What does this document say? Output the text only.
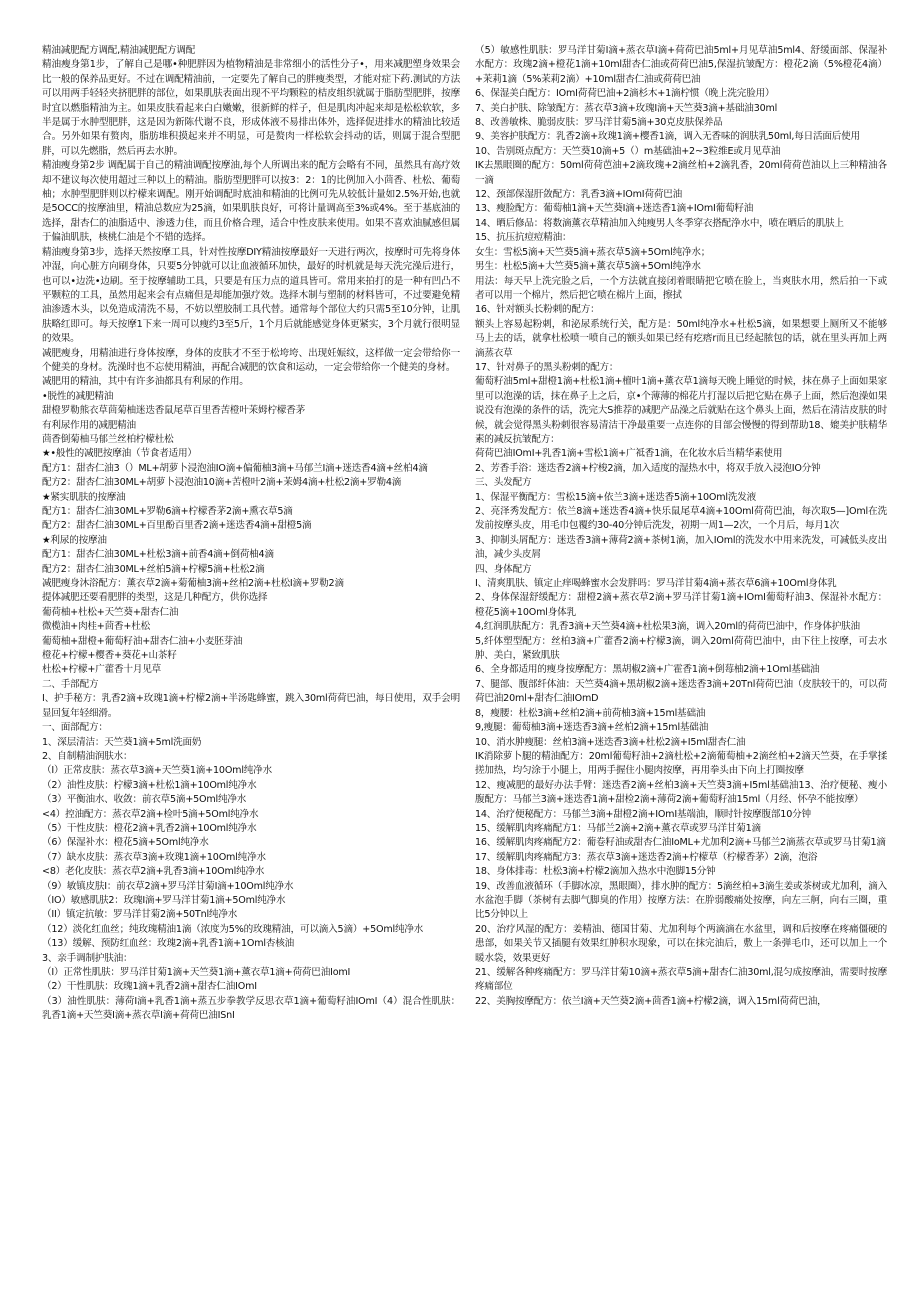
精油减肥配方调配,精油减肥配方调配

精油瘦身第1步，了解自己是哪•种肥胖因为植物精油是非常细小的活性分子•，用来减肥塑身效果会比一般的保养品更好。不过在调配精油前，一定要先了解自己的胖瘦类型，才能对症下药.测试的方法可以用两手轻轻夹挤肥胖的部位，如果肌肤表面出现不平均颗粒的桔皮组织就属于脂肪型肥胖，按摩时宜以燃脂精油为主。如果皮肤看起来白白嫩嫩，很新鲜的样子，但是肌肉冲起来却是松松软软，多半是属于水肿型肥胖，这是因为新陈代谢不良，形成体液不易排出体外，选择促进排水的精油比较适合。另外如果有赘肉，脂肪堆积摸起来并不明显，可是赘肉一样松软会抖动的话，则属于混合型肥胖，可以先燃脂，然后再去水肿。

精油瘦身第2步 调配属于自己的精油调配按摩油,每个人所调出来的配方会略有不同，虽然具有高疗效却不建议每次使用超过三种以上的精油。脂肪型肥胖可以按3：2：1的比例加入小茴香、杜松、葡萄柚；水肿型肥胖则以柠檬来调配。刚开始调配时底油和精油的比例可先从较低计量如2.5%开始,也就是5OCC的按摩油里，精油总数应为25滴，如果肌肤良好，可将计量调高至3%或4%。至于基底油的选择，甜杏仁的油脂适中、渗透力佳，而且价格合理，适合中性皮肤来使用。如果不喜欢油腻感但属于偏油肌肤，核桃仁油是个不错的选择。

精油瘦身第3步，选择天然按摩工具，针对性按摩DIY精油按摩最好一天进行两次，按摩时可先将身体冲湿，向心脏方向刷身体，只要5分钟就可以让血液循环加快，最好的时机就是每天洗完澡后进行，也可以•边洗•边刷。至于按摩辅助工具，只要是有压力点的道具皆可。常用来拍打的是一种有凹凸不平颗粒的工具，虽然用起来会有点痛但是却能加强疗效。选择木制与塑制的材料皆可，不过要避免精油渗透木头，以免造成清洗不易，不妨以塑胶制工具代替。通常每个部位大约只需5至10分钟，让肌肤略红即可。每天按摩1下来一周可以瘦约3至5斤，1个月后就能感觉身体更紧实，3个月就行很明显的效果。

减肥瘦身，用精油进行身体按摩，身体的皮肤才不至于松垮垮、出现妊娠纹，这样做一定会带给你一个健美的身材。洗澡时也不忘使用精油，再配合减肥的饮食和运动，一定会带给你一个健美的身材。

减肥用的精油，其中有许多油都具有利尿的作用。

•脱性的减肥精油

甜橙罗勒熊衣草茴菊柚迷迭香鼠尾草百里香苦橙叶茉姆柠檬香茅

有利尿作用的减肥精油

茴香倒菊柚马郁兰丝柏柠檬杜松

★•般性的减肥按摩油（节食者适用）

配方1：甜杏仁油3（）ML+胡萝卜浸泡油IO滴+偏葡柚3滴+马郁兰I滴+迷迭香4滴+丝柏4滴

配方2：甜杏仁油30ML+胡萝卜浸泡油10滴+苦橙叶2滴+茉姆4滴+杜松2滴+罗勒4滴

★紧实肌肤的按摩油

配方1：甜杏仁油30ML+罗勒6滴+柠檬香茅2滴+熏衣草5滴

配方2：甜杏仁油30ML+百里酚百里香2滴+迷迭香4滴+甜橙5滴

★利尿的按摩油

配方1：甜杏仁油30ML+杜松3滴+前香4滴+倒荷柚4滴

配方2：甜杏仁油30ML+丝柏5滴+柠檬5滴+杜松2滴

减肥瘦身沐浴配方：薰衣草2滴+菊葡柚3滴+丝柏2滴+杜松I滴+罗勒2滴

提体减肥还要看肥胖的类型，这是几种配方，供你选择

葡荷柚+杜松+天竺葵+甜杏仁油

微榄油+肉桂+茴香+杜松

葡萄柚+甜橙+葡萄籽油+甜杏仁油+小麦胚芽油

橙花+柠檬+樱香+葵花+山茶籽

杜松+柠檬+广藿香十月见草

二、手部配方

I、护手秘方：乳香2滴+玫瑰1滴+柠檬2滴+半汤匙蜂蜜，跳入30ml荷荷巴油，每日使用，双手会明显回复年轻细滑。

一、面部配方：

1、深层清洁：天竺葵1滴+5ml洗面奶

2、自制精油润肤水：

（I）正常皮肤：蒸衣草3滴+天竺葵1滴+10Oml纯净水

（2）油性皮肤：柠檬3滴+杜松1滴+10Oml纯净水

（3）平衡油水、收敛：前衣草5滴+5Oml纯净水

<4）控油配方：蒸衣草2滴+检叶5滴+5Oml纯净水

（5）干性皮肤：橙花2滴+乳香2滴+10Oml纯净水

（6）保湿补水：橙花5滴+5Oml纯净水

（7）缺水皮肤：蒸衣草3滴+玫瑰1滴+10Oml纯净水

<8）老化皮肤：蒸衣草2滴+乳香3滴+10Oml纯净水

（9）敏镇皮肤I：前衣草2滴+罗马洋甘菊I滴+10Oml纯净水

（IO）敏感肌肤2：玫瑰I滴+罗马洋甘菊1滴+5Oml纯净水

（II）镇定抗敏：罗马洋甘菊2滴+50Tnl纯净水

（12）淡化红血丝；纯玫瑰精油1滴（浓度为5%的玫瑰精油，可以滴入5滴）+5Oml纯净水

（13）缓解、预防红血丝：玫瑰2滴+乳香1滴+1Oml杏核油

3、亲手调制护肤油：

（I）正常性肌肤：罗马洋甘菊1滴+天竺葵1滴+薰衣草1滴+荷荷巴油IomI

（2）干性肌肤：玫瑰1滴+乳香2滴+甜杏仁油IOmI

（3）油性肌肤：薄荷I滴+乳香1滴+蒸五步拳教学反思衣草1滴+葡萄籽油IOmI（4）混合性肌肤：乳香1滴+天竺葵I滴+蒸衣草I滴+荷荷巴油ISnI

（5）敏感性肌肤：罗马洋甘菊I滴+蒸衣草I滴+荷荷巴油5ml+月见草油5ml4、舒缓面部、保湿补水配方：玫瑰2滴+橙花1滴+10ml甜杏仁油或荷荷巴油5,保湿抗皱配方：橙花2滴（5%橙花4滴）+茉莉1滴（5%茉莉2滴）+10ml甜杏仁油或荷荷巴油

6、保湿美白配方：IOmI荷荷巴油+2滴杉木+1滴柠惯（晚上洗完脸用）

7、美白护肤、除皱配方：蒸衣草3滴+玫瑰I滴+天竺葵3滴+基础油30ml

8、改善敏株、脆弱皮肤：罗马洋甘菊5滴+30克皮肤保养品

9、美容护肤配方：乳香2滴+玫瑰1滴+樱香1滴，调入无香味的润肤乳50ml,每日活面后使用

10、告别斑点配方：天竺葵10滴+5（）m基础油+2~3粒维E或月见草油

IK去黑眼圈的配方：50ml荷荷芭油+2滴玫瑰+2滴丝柏+2滴乳香，20ml荷荷芭油以上三种精油各一滴

12、颈部保湿肝敛配方：乳香3滴+IOmI荷荷巴油

13、瘦脸配方：葡萄柚1滴+天竺葵I滴+迷迭香1滴+IOmI葡萄籽油

14、晒后修品：将数滴薰衣草精油加入纯瘦男人冬季穿衣搭配浄水中，喷在晒后的肌肤上

15、抗压抗痘痘精油：

女生：雪松5滴+天竺葵5滴+蒸衣草5滴+5Oml纯净水；

男生：杜松5滴+大竺葵5滴+薰衣草5滴+5Oml纯净水

用法：每天早上洗完脸之后，一个方法就直接闭着眼睛把它喷在脸上，当爽肤水用，然后拍一下或者可以用一个棉片，然后把它喷在棉片上面，擦拭

16、针对额头长粉刺的配方：

额头上容易起粉刺，和泌尿系统行关，配方是：50ml纯净水+杜松5滴，如果想要上厕所又不能够马上去的话，就拿杜松喷一喷自己的额头如果已经有疙瘩r而且已经起脓包的话，就在里头再加上两滴蒸衣草

17、针对鼻子的黑头粉刺的配方：

葡萄籽油5ml+甜橙1滴+杜松1滴+檀叶1滴+薰衣草1滴每天晚上睡觉的时候，抹在鼻子上面如果家里可以泡澡的话，抹在鼻子上之后，京•个薄薄的棉花片打湿以后把它贴在鼻子上面，然后泡澡如果说没有泡澡的条件的话，洗完大S推荐的减肥产品澡之后就贴在这个鼻头上面，然后在清洁皮肤的时候，就会觉得黑头粉刺很容易清洁干净最重要一点连你的目部会慢慢的得到帮助18、媲美护肤精华素的减反抗皱配方：

荷荷巴油IOmI+乳香1滴+雪松1滴+广祗香1滴，在化妆水后当精华素使用

2、芳香手浴：迷迭香2滴+柠梭2滴，加入适度的湿热水中，将双手放入浸泡IO分钟

三、头发配方

1、保湿平衡配方：雪松15滴+依兰3滴+迷迭香5滴+10Oml洗发液

2、亮泽秀发配方：依兰8滴+迷迭香4滴+快乐鼠尾草4滴+10Oml荷荷巴油，每次取5—]Oml在洗发前按摩头皮，用毛巾包覆约30-40分钟后洗发，初期一周1—2次，一个月后，每月1次

3、抑制头屑配方：迷迭香3滴+薄荷2滴+茶树1滴，加入IOml的洗发水中用来洗发，可减低头皮出油，减少头皮屑

四、身体配方

I、清爽肌肤、镇定止痒喝蜂蜜水会发胖吗：罗马洋甘菊4滴+蒸衣草6滴+10Oml身体乳

2、身体保湿舒缓配方：甜橙2滴+蒸衣草2滴+罗马洋甘菊1滴+IOmI葡萄籽油3、保湿补水配方：橙花5滴+10Oml身体乳

4,红润肌肤配方：乳香3滴+天竺葵4滴+杜松果3滴，调入20ml的荷荷巴油中，作身体护肤油

5,纤体塑型配方：丝柏3滴+广藿香2滴+柠檬3滴，调入20ml荷荷巴油中，由下往上按摩，可去水肿、美白，紧致肌肤

6、全身都适用的瘦身按摩配方：黑胡椒2滴+广霍香1滴+倒莓柚2滴+1Oml基础油

7、腿部、腹部纤体油：天竺葵4滴+黑胡椒2滴+迷迭香3滴+20Tnl荷荷巴油（皮肤较干的，可以荷荷巴油20ml+甜杏仁油IOmD

8，瘦腰：杜松3滴+丝柏2滴+前荷柚3滴+15ml基础油

9,瘦腿：葡萄柚3滴+迷迭香3滴+丝柏2滴+15ml基础油

10、消水肿瘦腿：丝柏3滴+迷迭香3滴+杜松2滴+I5ml甜杏仁油

IK消除萝卜腿的精油配方：20ml葡萄籽油+2滴杜松+2滴葡萄柚+2滴丝柏+2滴天竺葵，在手掌揉搓加热，均匀涂于小腿上，用两手握住小腿肉按摩，再用拳头由下向上打圈按摩

12、瘦减肥的最好办法手臂：迷迭香2滴+丝柏3滴+天竺葵3滴+I5ml基础油13、治疗便秘、瘦小腹配方：马郁兰3滴+迷迭香1滴+甜检2滴+薄荷2滴+葡萄籽油15ml（月经、怀孕不能按摩）

14、治疗便秘配方：马郁兰3滴+甜橙2滴+IOmI基端油，顺时针按摩腹部10分钟

15、缓解肌肉疼痛配方1：马郁兰2滴+2滴+薰衣草或罗马洋甘菊1滴

16、缓解肌肉疼痛配方2：葡卷籽油或甜杏仁油IoML+尤加利2滴+马郁兰2滴蒸衣草或罗马甘菊1滴

17、缓解肌肉疼痛配方3：蒸衣草3滴+迷迭香2滴+柠檬草（柠檬香茅）2滴，泡浴

18、身体排毒：杜松3滴+柠檬2滴加入热水中泡脚15分钟

19、改善血液循环（手脚冰凉，黑眼圈），排水肿的配方：5滴丝柏+3滴生姜或茶树或尤加利，滴入水盆泡手脚（茶树有去脚气脚臭的作用）按摩方法：在肸弱酸痛处按摩，向左三舸，向右三圈，重比5分钟以上

20、治疗风湿的配方：姜精油、德国甘菊、尤加利每个两滴滴在水盆里，调和后按摩在疼痛僵硬的患部，如果关节又插腿有效果红肿积水现象，可以在抹完油后，敷上一条弹毛巾，还可以加上一个暖水袋，效果更好

21、缓解各种疼痛配方：罗马洋甘菊10滴+蒸衣草5滴+甜杏仁油30ml,混匀成按摩油，需要时按摩疼痛部位

22、美胸按摩配方：依兰I滴+天竺葵2滴+茴香1滴+柠檬2滴，调入15ml荷荷巴油，
